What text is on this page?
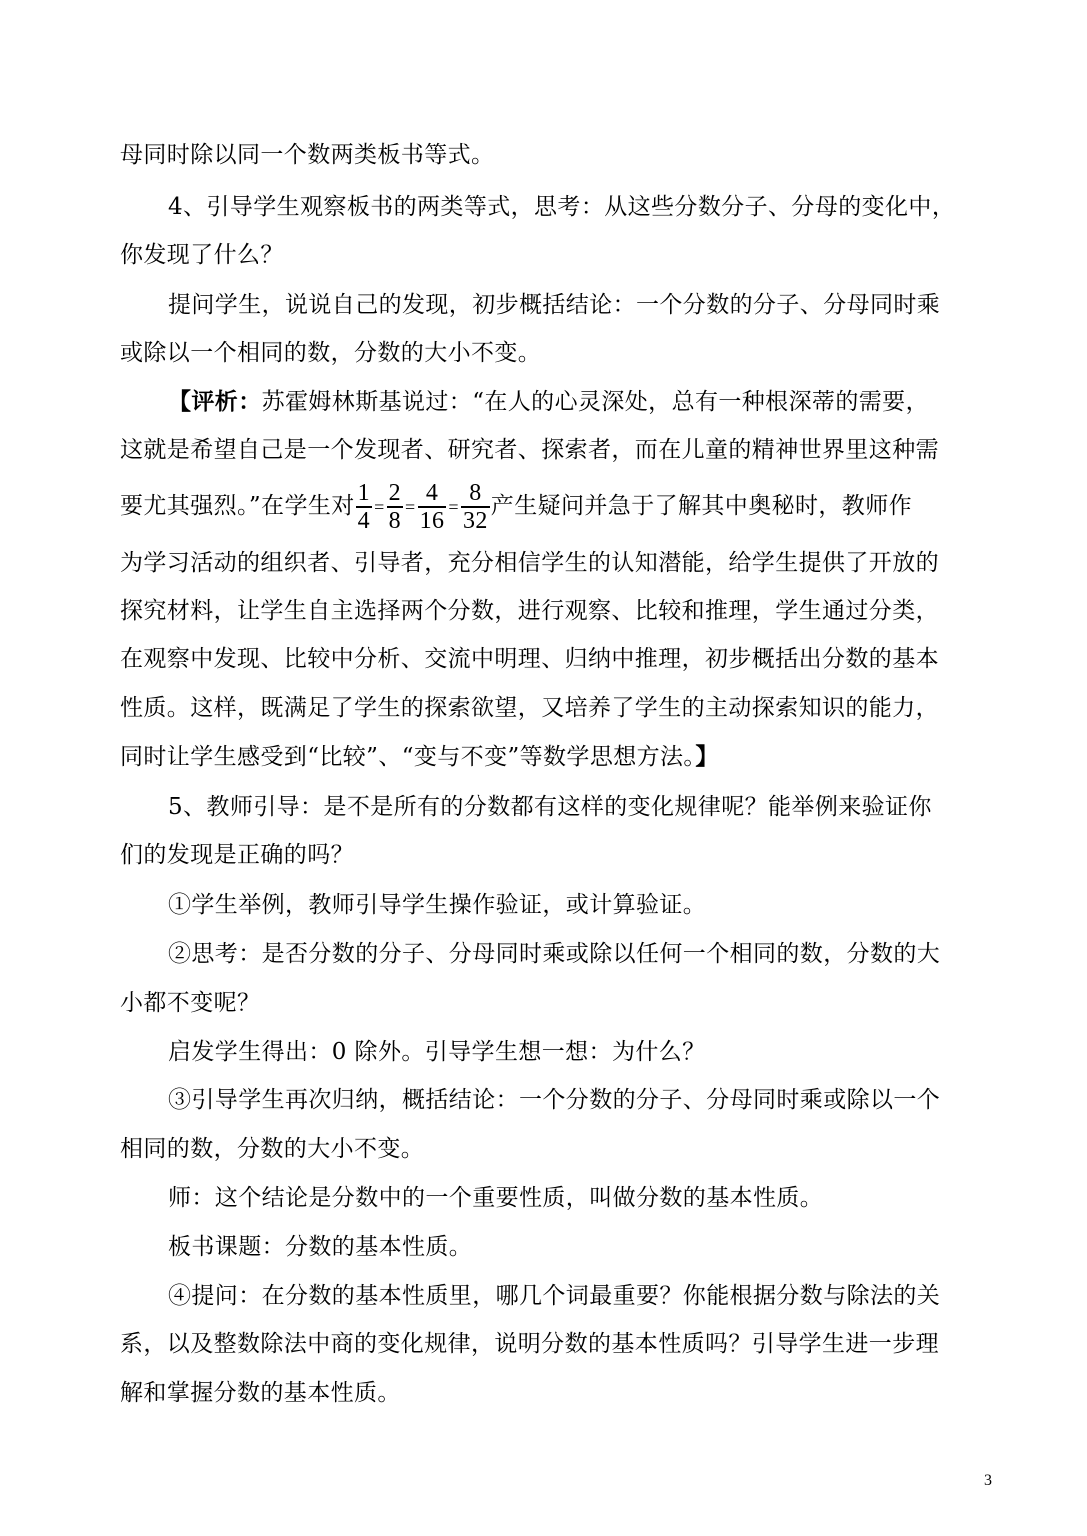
母同时除以同一个数两类板书等式。
4、引导学生观察板书的两类等式，思考：从这些分数分子、分母的变化中，
你发现了什么？
提问学生，说说自己的发现，初步概括结论：一个分数的分子、分母同时乘
或除以一个相同的数，分数的大小不变。
【评析：苏霍姆林斯基说过：“在人的心灵深处，总有一种根深蒂的需要，
这就是希望自己是一个发现者、研究者、探索者，而在儿童的精神世界里这种需
要尤其强烈。”在学生对 $\frac{1}{4} = \frac{2}{8} = \frac{4}{16} = \frac{8}{32}$ 产生疑问并急于了解其中奥秘时，教师作
为学习活动的组织者、引导者，充分相信学生的认知潜能，给学生提供了开放的
探究材料，让学生自主选择两个分数，进行观察、比较和推理，学生通过分类，
在观察中发现、比较中分析、交流中明理、归纳中推理，初步概括出分数的基本
性质。这样，既满足了学生的探索欲望，又培养了学生的主动探索知识的能力，
同时让学生感受到“比较”、“变与不变”等数学思想方法。】
5、教师引导：是不是所有的分数都有这样的变化规律呢？能举例来验证你
们的发现是正确的吗？
①学生举例，教师引导学生操作验证，或计算验证。
②思考：是否分数的分子、分母同时乘或除以任何一个相同的数，分数的大
小都不变呢？
启发学生得出：0 除外。引导学生想一想：为什么？
③引导学生再次归纳，概括结论：一个分数的分子、分母同时乘或除以一个
相同的数，分数的大小不变。
师：这个结论是分数中的一个重要性质，叫做分数的基本性质。
板书课题：分数的基本性质。
④提问：在分数的基本性质里，哪几个词最重要？你能根据分数与除法的关
系，以及整数除法中商的变化规律，说明分数的基本性质吗？引导学生进一步理
解和掌握分数的基本性质。
3
